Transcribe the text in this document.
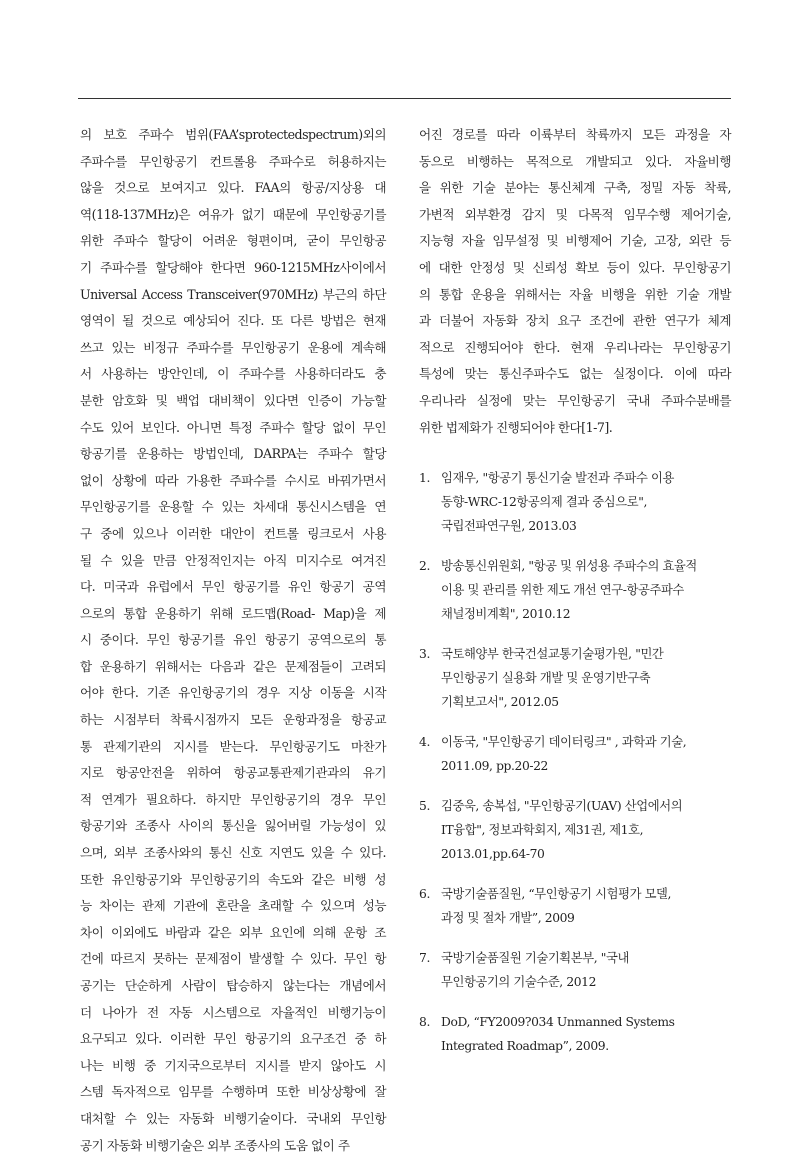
의 보호 주파수 범위(FAA’sprotectedspectrum)외의
주파수를 무인항공기 컨트롤용 주파수로 허용하지는
않을 것으로 보여지고 있다. FAA의 항공/지상용 대
역(118-137MHz)은 여유가 없기 때문에 무인항공기를
위한 주파수 할당이 어려운 형편이며, 굳이 무인항공
기 주파수를 할당해야 한다면 960-1215MHz사이에서
Universal Access Transceiver(970MHz) 부근의 하단
영역이 될 것으로 예상되어 진다. 또 다른 방법은 현재
쓰고 있는 비정규 주파수를 무인항공기 운용에 계속해
서 사용하는 방안인데, 이 주파수를 사용하더라도 충
분한 암호화 및 백업 대비책이 있다면 인증이 가능할
수도 있어 보인다. 아니면 특정 주파수 할당 없이 무인
항공기를 운용하는 방법인데, DARPA는 주파수 할당
없이 상황에 따라 가용한 주파수를 수시로 바꿔가면서
무인항공기를 운용할 수 있는 차세대 통신시스템을 연
구 중에 있으나 이러한 대안이 컨트롤 링크로서 사용
될 수 있을 만큼 안정적인지는 아직 미지수로 여겨진
다. 미국과 유럽에서 무인 항공기를 유인 항공기 공역
으로의 통합 운용하기 위해 로드맵(Road- Map)을 제
시 중이다. 무인 항공기를 유인 항공기 공역으로의 통
합 운용하기 위해서는 다음과 같은 문제점들이 고려되
어야 한다. 기존 유인항공기의 경우 지상 이동을 시작
하는 시점부터 착륙시점까지 모든 운항과정을 항공교
통 관제기관의 지시를 받는다. 무인항공기도 마찬가
지로 항공안전을 위하여 항공교통관제기관과의 유기
적 연계가 필요하다. 하지만 무인항공기의 경우 무인
항공기와 조종사 사이의 통신을 잃어버릴 가능성이 있
으며, 외부 조종사와의 통신 신호 지연도 있을 수 있다.
또한 유인항공기와 무인항공기의 속도와 같은 비행 성
능 차이는 관제 기관에 혼란을 초래할 수 있으며 성능
차이 이외에도 바람과 같은 외부 요인에 의해 운항 조
건에 따르지 못하는 문제점이 발생할 수 있다. 무인 항
공기는 단순하게 사람이 탑승하지 않는다는 개념에서
더 나아가 전 자동 시스템으로 자율적인 비행기능이
요구되고 있다. 이러한 무인 항공기의 요구조건 중 하
나는 비행 중 기지국으로부터 지시를 받지 않아도 시
스템 독자적으로 임무를 수행하며 또한 비상상황에 잘
대처할 수 있는 자동화 비행기술이다. 국내외 무인항
공기 자동화 비행기술은 외부 조종사의 도움 없이 주
어진 경로를 따라 이륙부터 착륙까지 모든 과정을 자
동으로 비행하는 목적으로 개발되고 있다. 자율비행
을 위한 기술 분야는 통신체계 구축, 정밀 자동 착륙,
가변적 외부환경 감지 및 다목적 임무수행 제어기술,
지능형 자율 임무설정 및 비행제어 기술, 고장, 외란 등
에 대한 안정성 및 신뢰성 확보 등이 있다. 무인항공기
의 통합 운용을 위해서는 자율 비행을 위한 기술 개발
과 더불어 자동화 장치 요구 조건에 관한 연구가 체계
적으로 진행되어야 한다. 현재 우리나라는 무인항공기
특성에 맞는 통신주파수도 없는 실정이다. 이에 따라
우리나라 실정에 맞는 무인항공기 국내 주파수분배를
위한 법제화가 진행되어야 한다[1-7].
1. 임재우, "항공기 통신기술 발전과 주파수 이용
동향-WRC-12항공의제 결과 중심으로",
국립전파연구원, 2013.03
2. 방송통신위원회, "항공 및 위성용 주파수의 효율적
이용 및 관리를 위한 제도 개선 연구-항공주파수
채널정비계획", 2010.12
3. 국토해양부 한국건설교통기술평가원, "민간
무인항공기 실용화 개발 및 운영기반구축
기획보고서", 2012.05
4. 이동국, "무인항공기 데이터링크" , 과학과 기술,
2011.09, pp.20-22
5. 김중욱, 송복섭, "무인항공기(UAV) 산업에서의
IT융합", 정보과학회지, 제31권, 제1호,
2013.01,pp.64-70
6. 국방기술품질원, “무인항공기 시험평가 모델,
과정 및 절차 개발”, 2009
7. 국방기술품질원 기술기획본부, "국내
무인항공기의 기술수준, 2012
8. DoD, “FY2009?034 Unmanned Systems
Integrated Roadmap”, 2009.
